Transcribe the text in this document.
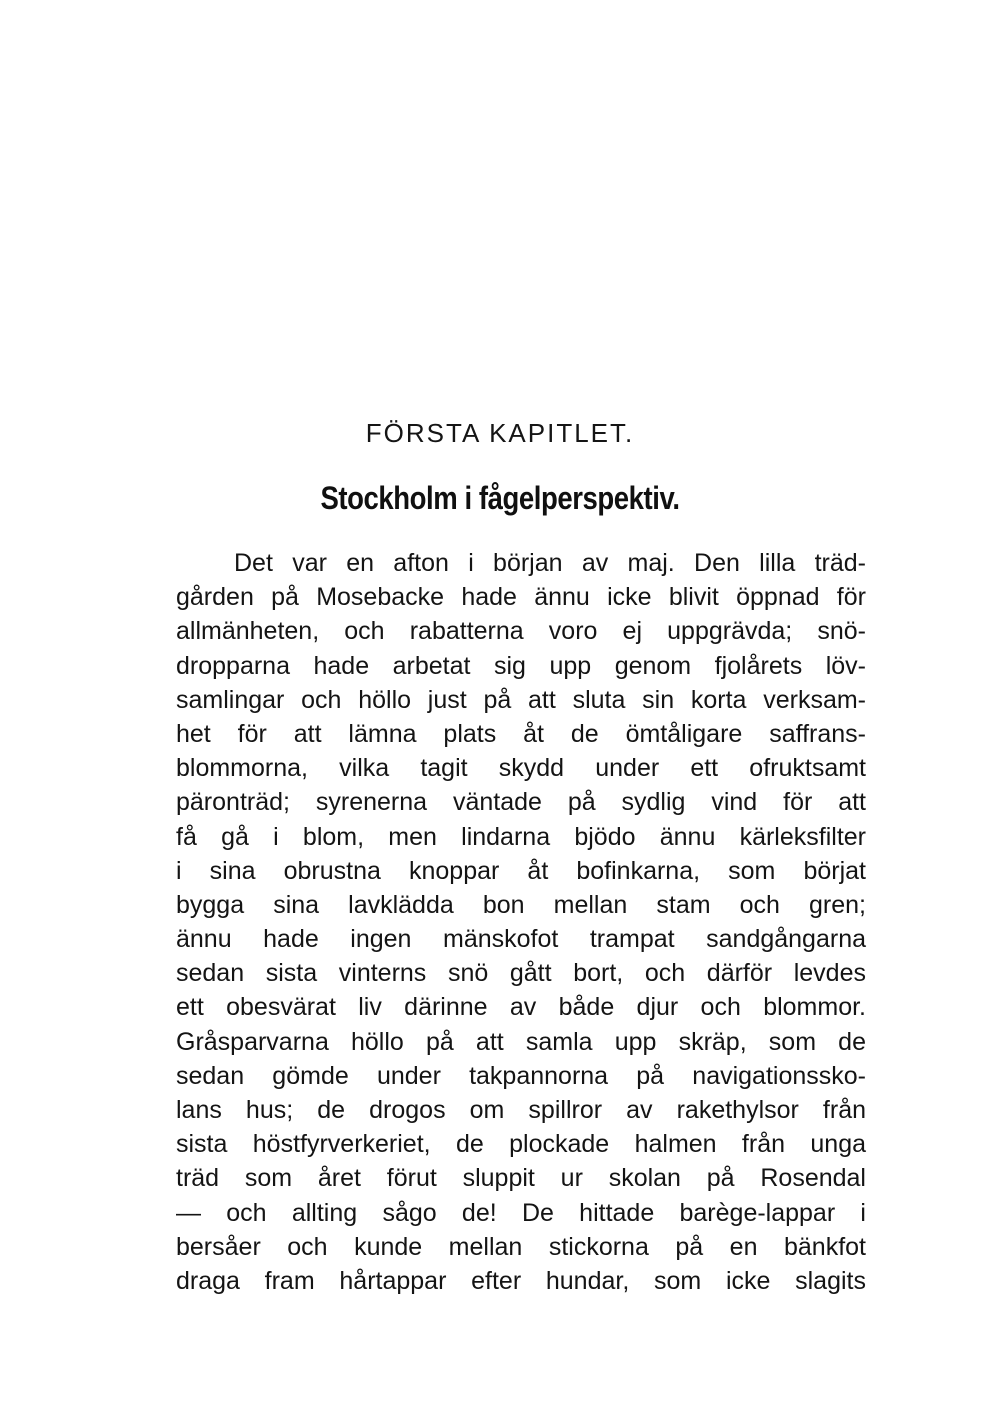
FÖRSTA KAPITLET.
Stockholm i fågelperspektiv.
Det var en afton i början av maj. Den lilla träd-
gården på Mosebacke hade ännu icke blivit öppnad för
allmänheten, och rabatterna voro ej uppgrävda; snö-
dropparna hade arbetat sig upp genom fjolårets löv-
samlingar och höllo just på att sluta sin korta verksam-
het för att lämna plats åt de ömtåligare saffrans-
blommorna, vilka tagit skydd under ett ofruktsamt
päronträd; syrenerna väntade på sydlig vind för att
få gå i blom, men lindarna bjödo ännu kärleksfilter
i sina obrustna knoppar åt bofinkarna, som börjat
bygga sina lavklädda bon mellan stam och gren;
ännu hade ingen mänskofot trampat sandgångarna
sedan sista vinterns snö gått bort, och därför levdes
ett obesvärat liv därinne av både djur och blommor.
Gråsparvarna höllo på att samla upp skräp, som de
sedan gömde under takpannorna på navigationssko-
lans hus; de drogos om spillror av rakethylsor från
sista höstfyrverkeriet, de plockade halmen från unga
träd som året förut sluppit ur skolan på Rosendal
— och allting sågo de! De hittade barège-lappar i
bersåer och kunde mellan stickorna på en bänkfot
draga fram hårtappar efter hundar, som icke slagits
